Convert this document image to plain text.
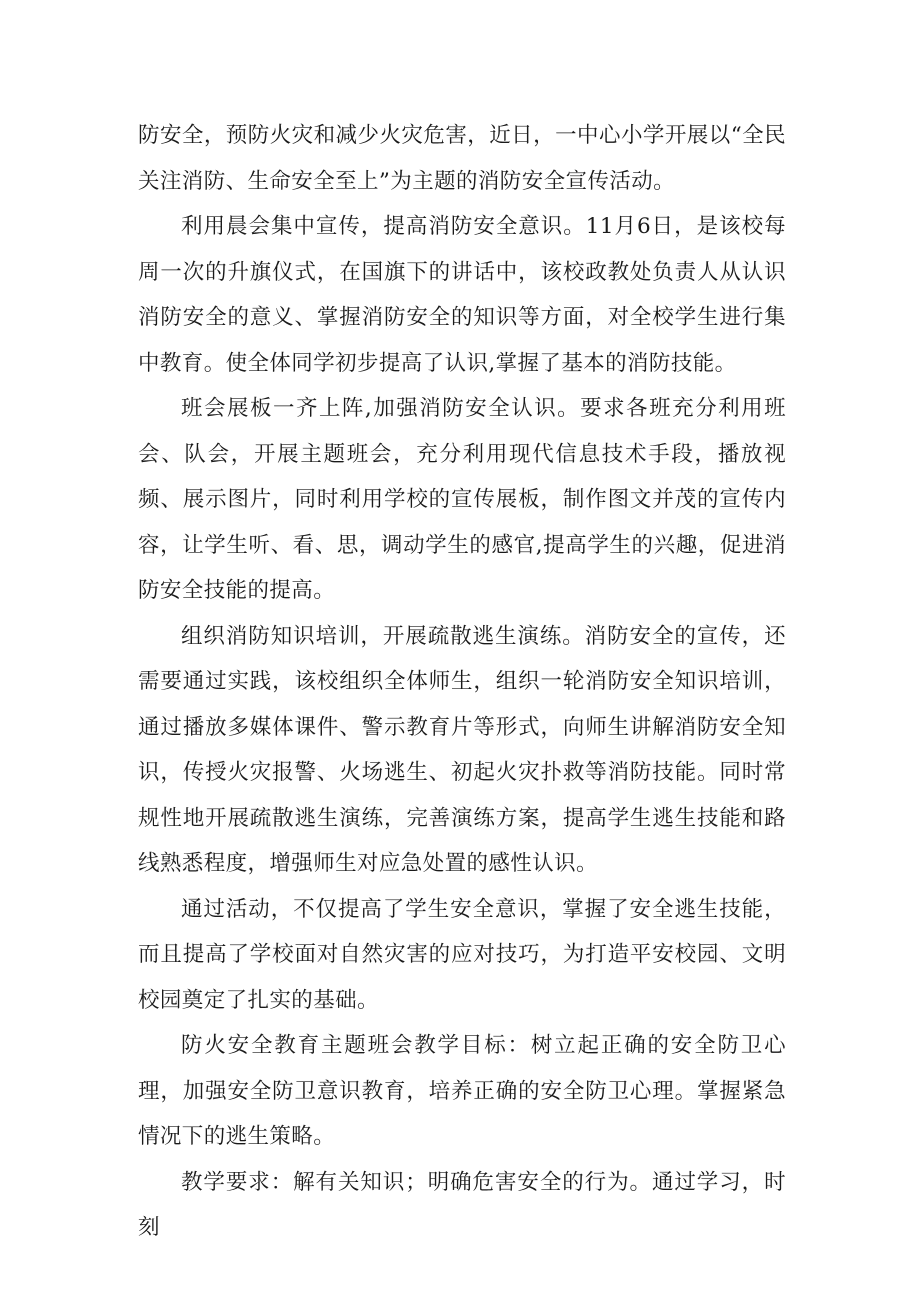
防安全，预防火灾和减少火灾危害，近日，一中心小学开展以“全民关注消防、生命安全至上”为主题的消防安全宣传活动。

利用晨会集中宣传，提高消防安全意识。11月6日，是该校每周一次的升旗仪式，在国旗下的讲话中，该校政教处负责人从认识消防安全的意义、掌握消防安全的知识等方面，对全校学生进行集中教育。使全体同学初步提高了认识,掌握了基本的消防技能。

班会展板一齐上阵,加强消防安全认识。要求各班充分利用班会、队会，开展主题班会，充分利用现代信息技术手段，播放视频、展示图片，同时利用学校的宣传展板，制作图文并茂的宣传内容，让学生听、看、思，调动学生的感官,提高学生的兴趣，促进消防安全技能的提高。

组织消防知识培训，开展疏散逃生演练。消防安全的宣传，还需要通过实践，该校组织全体师生，组织一轮消防安全知识培训，通过播放多媒体课件、警示教育片等形式，向师生讲解消防安全知识，传授火灾报警、火场逃生、初起火灾扑救等消防技能。同时常规性地开展疏散逃生演练，完善演练方案，提高学生逃生技能和路线熟悉程度，增强师生对应急处置的感性认识。

通过活动，不仅提高了学生安全意识，掌握了安全逃生技能，而且提高了学校面对自然灾害的应对技巧，为打造平安校园、文明校园奠定了扎实的基础。

防火安全教育主题班会教学目标：树立起正确的安全防卫心理，加强安全防卫意识教育，培养正确的安全防卫心理。掌握紧急情况下的逃生策略。

教学要求：解有关知识；明确危害安全的行为。通过学习，时刻
